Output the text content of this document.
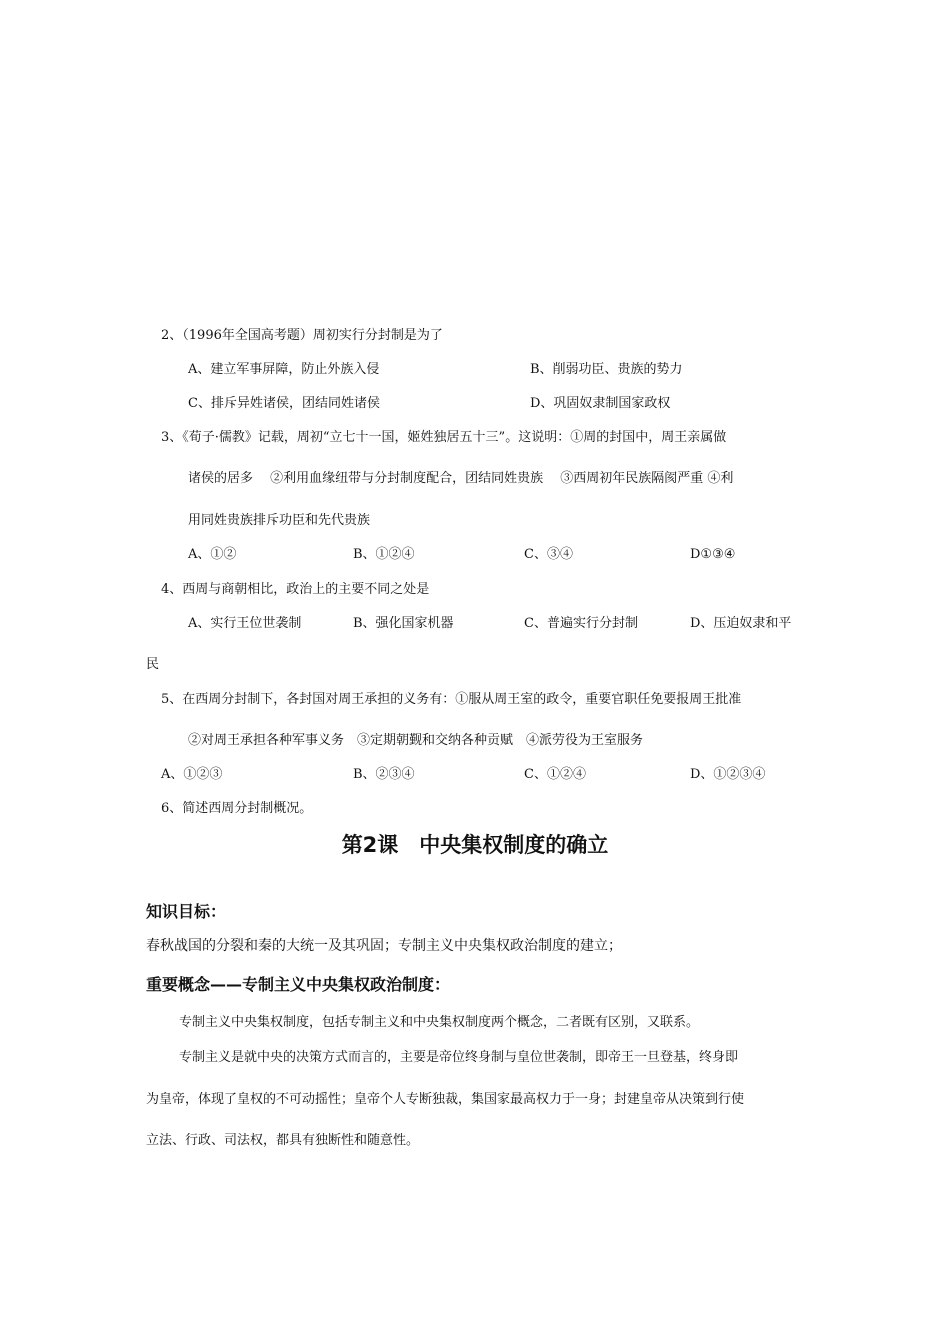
2、（1996年全国高考题）周初实行分封制是为了
A、建立军事屏障，防止外族入侵	B、削弱功臣、贵族的势力
C、排斥异姓诸侯，团结同姓诸侯	D、巩固奴隶制国家政权
3、《荀子·儒教》记载，周初“立七十一国，姬姓独居五十三”。这说明：①周的封国中，周王亲属做
诸侯的居多　 ②利用血缘纽带与分封制度配合，团结同姓贵族　 ③西周初年民族隔阂严重 ④利
用同姓贵族排斥功臣和先代贵族
A、①②	B、①②④	C、③④	D①③④
4、西周与商朝相比，政治上的主要不同之处是
A、实行王位世袭制	B、强化国家机器	C、普遍实行分封制	D、压迫奴隶和平
民
5、在西周分封制下，各封国对周王承担的义务有：①服从周王室的政令，重要官职任免要报周王批准
②对周王承担各种军事义务　③定期朝觐和交纳各种贡赋　④派劳役为王室服务
A、①②③	B、②③④	C、①②④	D、①②③④
6、简述西周分封制概况。
第2课　中央集权制度的确立
知识目标：
春秋战国的分裂和秦的大统一及其巩固；专制主义中央集权政治制度的建立；
重要概念——专制主义中央集权政治制度：
专制主义中央集权制度，包括专制主义和中央集权制度两个概念，二者既有区别，又联系。
专制主义是就中央的决策方式而言的，主要是帝位终身制与皇位世袭制，即帝王一旦登基，终身即
为皇帝，体现了皇权的不可动摇性；皇帝个人专断独裁，集国家最高权力于一身；封建皇帝从决策到行使
立法、行政、司法权，都具有独断性和随意性。
